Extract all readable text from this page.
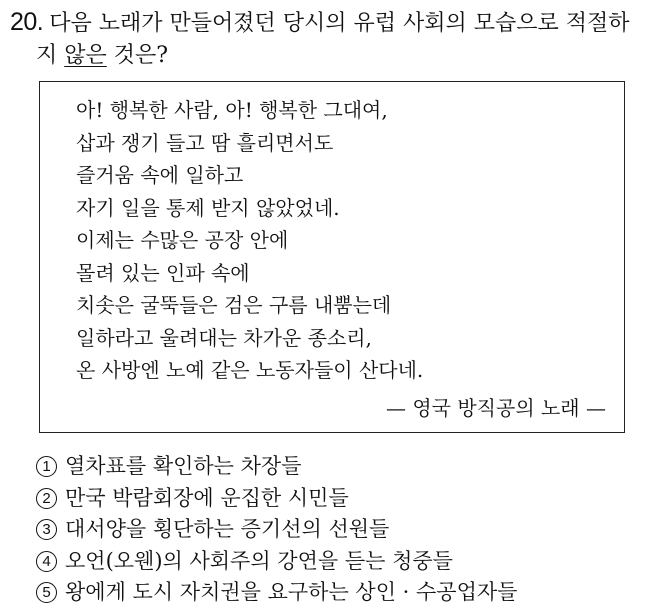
20. 다음 노래가 만들어졌던 당시의 유럽 사회의 모습으로 적절하
지 않은 것은?
아! 행복한 사람, 아! 행복한 그대여,
삽과 쟁기 들고 땀 흘리면서도
즐거움 속에 일하고
자기 일을 통제 받지 않았었네.
이제는 수많은 공장 안에
몰려 있는 인파 속에
치솟은 굴뚝들은 검은 구름 내뿜는데
일하라고 울려대는 차가운 종소리,
온 사방엔 노예 같은 노동자들이 산다네.
— 영국 방직공의 노래 —
1 열차표를 확인하는 차장들
2 만국 박람회장에 운집한 시민들
3 대서양을 횡단하는 증기선의 선원들
4 오언(오웬)의 사회주의 강연을 듣는 청중들
5 왕에게 도시 자치권을 요구하는 상인 · 수공업자들
